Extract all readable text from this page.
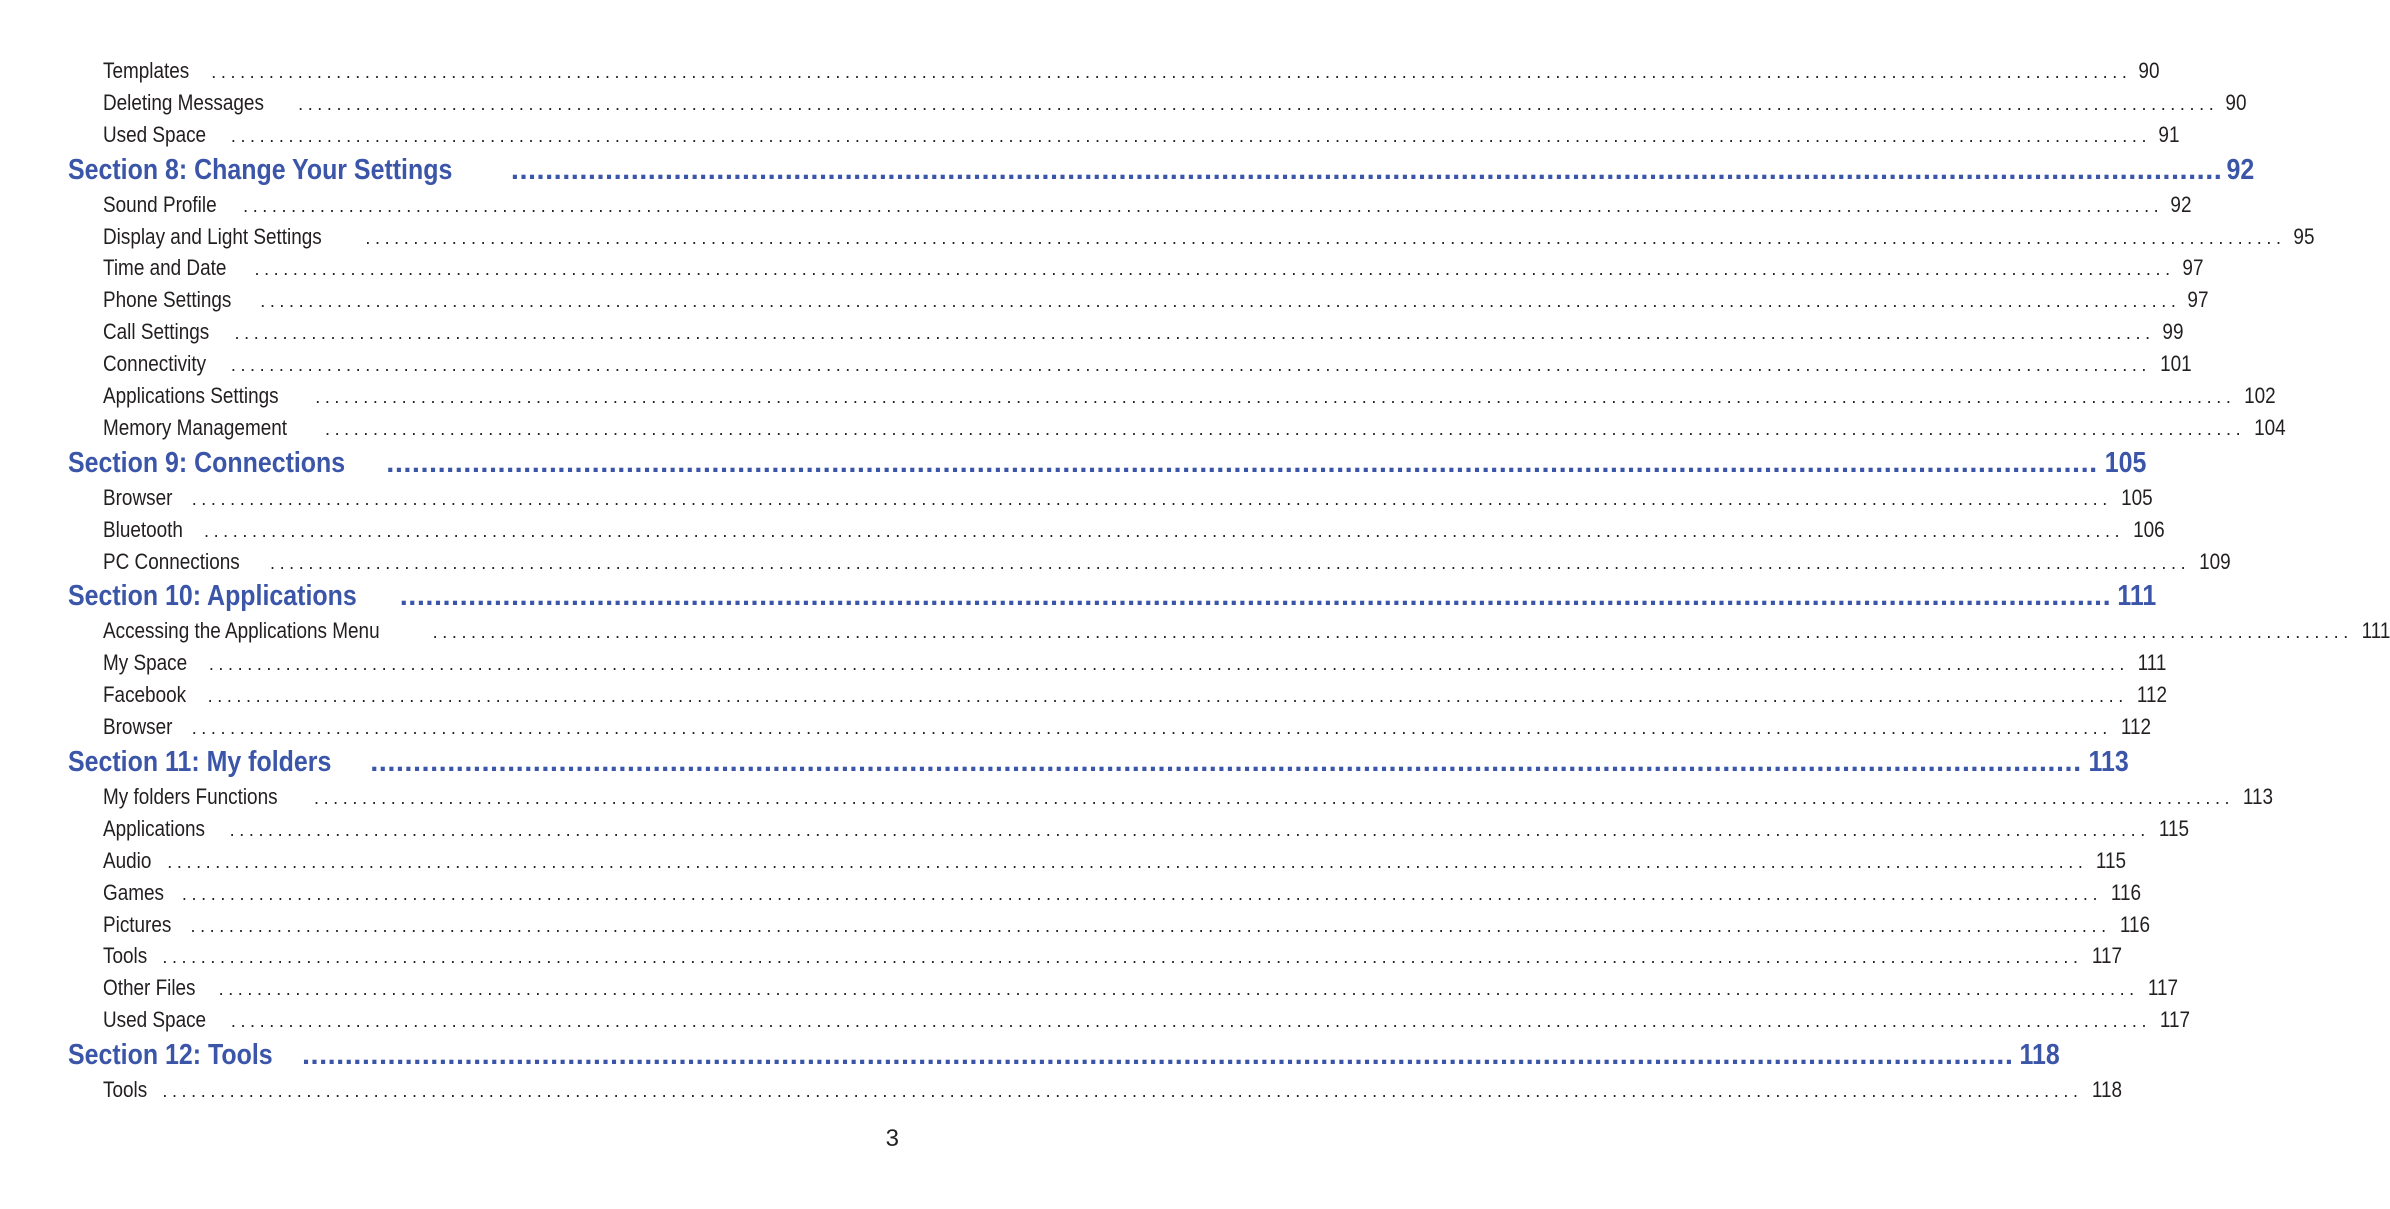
Templates ........................................................................................................................................................................................................ 90
Deleting Messages ........................................................................................................................................................................................................ 90
Used Space ........................................................................................................................................................................................................ 91
Section 8: Change Your Settings ........................................................................................................................................................................................................ 92
Sound Profile ........................................................................................................................................................................................................ 92
Display and Light Settings ........................................................................................................................................................................................................ 95
Time and Date ........................................................................................................................................................................................................ 97
Phone Settings ........................................................................................................................................................................................................ 97
Call Settings ........................................................................................................................................................................................................ 99
Connectivity ........................................................................................................................................................................................................ 101
Applications Settings ........................................................................................................................................................................................................ 102
Memory Management ........................................................................................................................................................................................................ 104
Section 9: Connections ........................................................................................................................................................................................................ 105
Browser ........................................................................................................................................................................................................ 105
Bluetooth ........................................................................................................................................................................................................ 106
PC Connections ........................................................................................................................................................................................................ 109
Section 10: Applications ........................................................................................................................................................................................................ 111
Accessing the Applications Menu	........................................................................................................................................................................................................ 111
My Space ........................................................................................................................................................................................................ 111
Facebook ........................................................................................................................................................................................................ 112
Browser ........................................................................................................................................................................................................ 112
Section 11: My folders ........................................................................................................................................................................................................ 113
My folders Functions ........................................................................................................................................................................................................ 113
Applications ........................................................................................................................................................................................................ 115
Audio ........................................................................................................................................................................................................ 115
Games ........................................................................................................................................................................................................ 116
Pictures ........................................................................................................................................................................................................ 116
Tools ........................................................................................................................................................................................................ 117
Other Files ........................................................................................................................................................................................................ 117
Used Space ........................................................................................................................................................................................................ 117
Section 12: Tools ........................................................................................................................................................................................................ 118
Tools ........................................................................................................................................................................................................ 118
3
